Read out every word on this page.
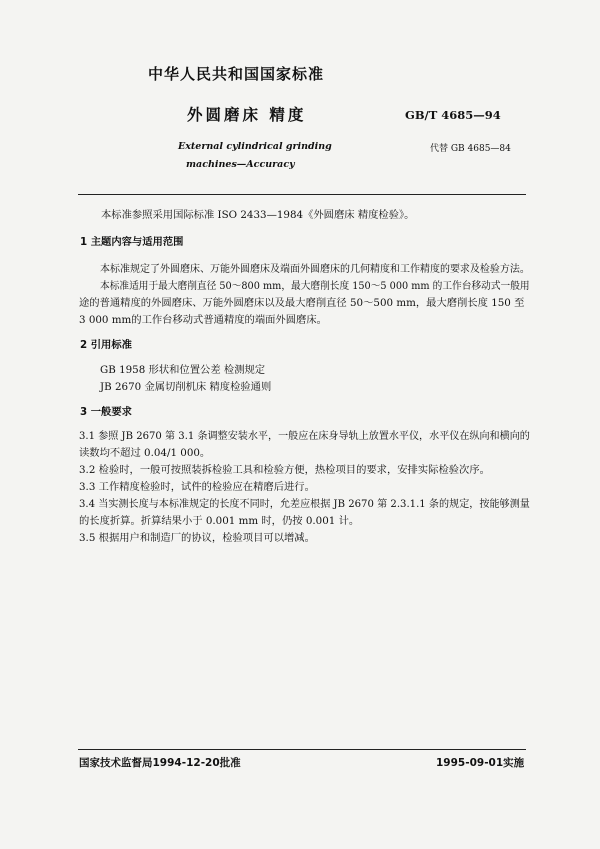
中华人民共和国国家标准
外圆磨床 精度
External cylindrical grinding
machines—Accuracy
GB/T 4685—94
代替 GB 4685—84
本标准参照采用国际标准 ISO 2433—1984《外圆磨床 精度检验》。
1 主题内容与适用范围
本标准规定了外圆磨床、万能外圆磨床及端面外圆磨床的几何精度和工作精度的要求及检验方法。
本标准适用于最大磨削直径 50～800 mm，最大磨削长度 150～5 000 mm 的工作台移动式一般用
途的普通精度的外圆磨床、万能外圆磨床以及最大磨削直径 50～500 mm，最大磨削长度 150 至
3 000 mm的工作台移动式普通精度的端面外圆磨床。
2 引用标准
GB 1958 形状和位置公差 检测规定
JB 2670 金属切削机床 精度检验通则
3 一般要求
3.1 参照 JB 2670 第 3.1 条调整安装水平，一般应在床身导轨上放置水平仪，水平仪在纵向和横向的
读数均不超过 0.04/1 000。
3.2 检验时，一般可按照装拆检验工具和检验方便，热检项目的要求，安排实际检验次序。
3.3 工作精度检验时，试件的检验应在精磨后进行。
3.4 当实测长度与本标准规定的长度不同时，允差应根据 JB 2670 第 2.3.1.1 条的规定，按能够测量
的长度折算。折算结果小于 0.001 mm 时，仍按 0.001 计。
3.5 根据用户和制造厂的协议，检验项目可以增减。
国家技术监督局1994-12-20批准	1995-09-01实施
